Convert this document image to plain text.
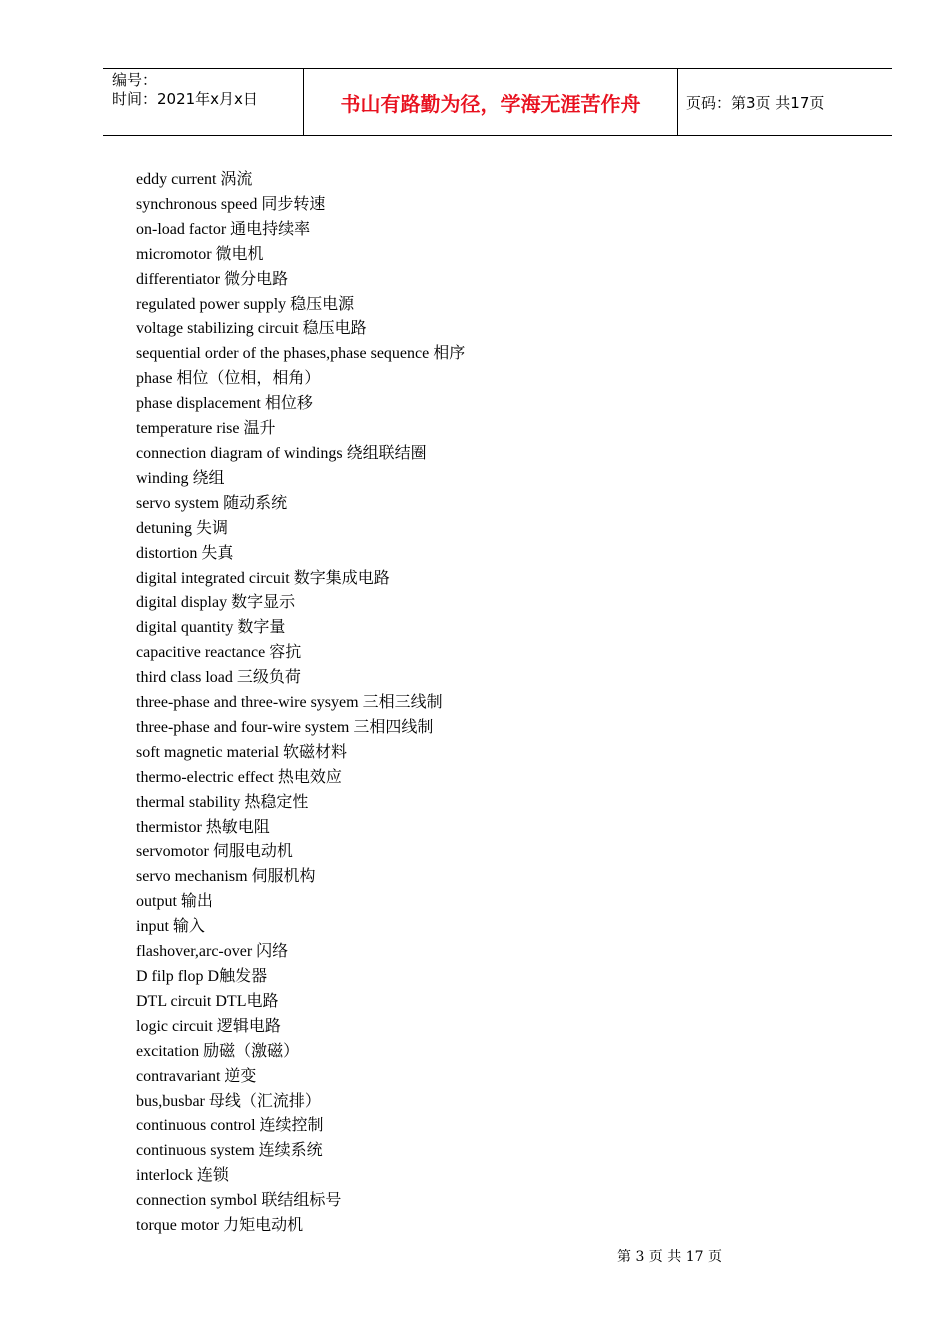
编号：
时间：2021年x月x日	书山有路勤为径，学海无涯苦作舟	页码：第3页 共17页
eddy current 涡流
synchronous speed 同步转速
on-load factor 通电持续率
micromotor 微电机
differentiator 微分电路
regulated power supply 稳压电源
voltage stabilizing circuit 稳压电路
sequential order of the phases,phase sequence 相序
phase 相位（位相，相角）
phase displacement 相位移
temperature rise 温升
connection diagram of windings 绕组联结圈
winding 绕组
servo system 随动系统
detuning 失调
distortion 失真
digital integrated circuit 数字集成电路
digital display 数字显示
digital quantity 数字量
capacitive reactance 容抗
third class load 三级负荷
three-phase and three-wire sysyem 三相三线制
three-phase and four-wire system 三相四线制
soft magnetic material 软磁材料
thermo-electric effect 热电效应
thermal stability 热稳定性
thermistor 热敏电阻
servomotor 伺服电动机
servo mechanism 伺服机构
output 输出
input 输入
flashover,arc-over 闪络
D filp flop D触发器
DTL circuit DTL电路
logic circuit 逻辑电路
excitation 励磁（激磁）
contravariant 逆变
bus,busbar 母线（汇流排）
continuous control 连续控制
continuous system 连续系统
interlock 连锁
connection symbol 联结组标号
torque motor 力矩电动机
第 3 页 共 17 页
